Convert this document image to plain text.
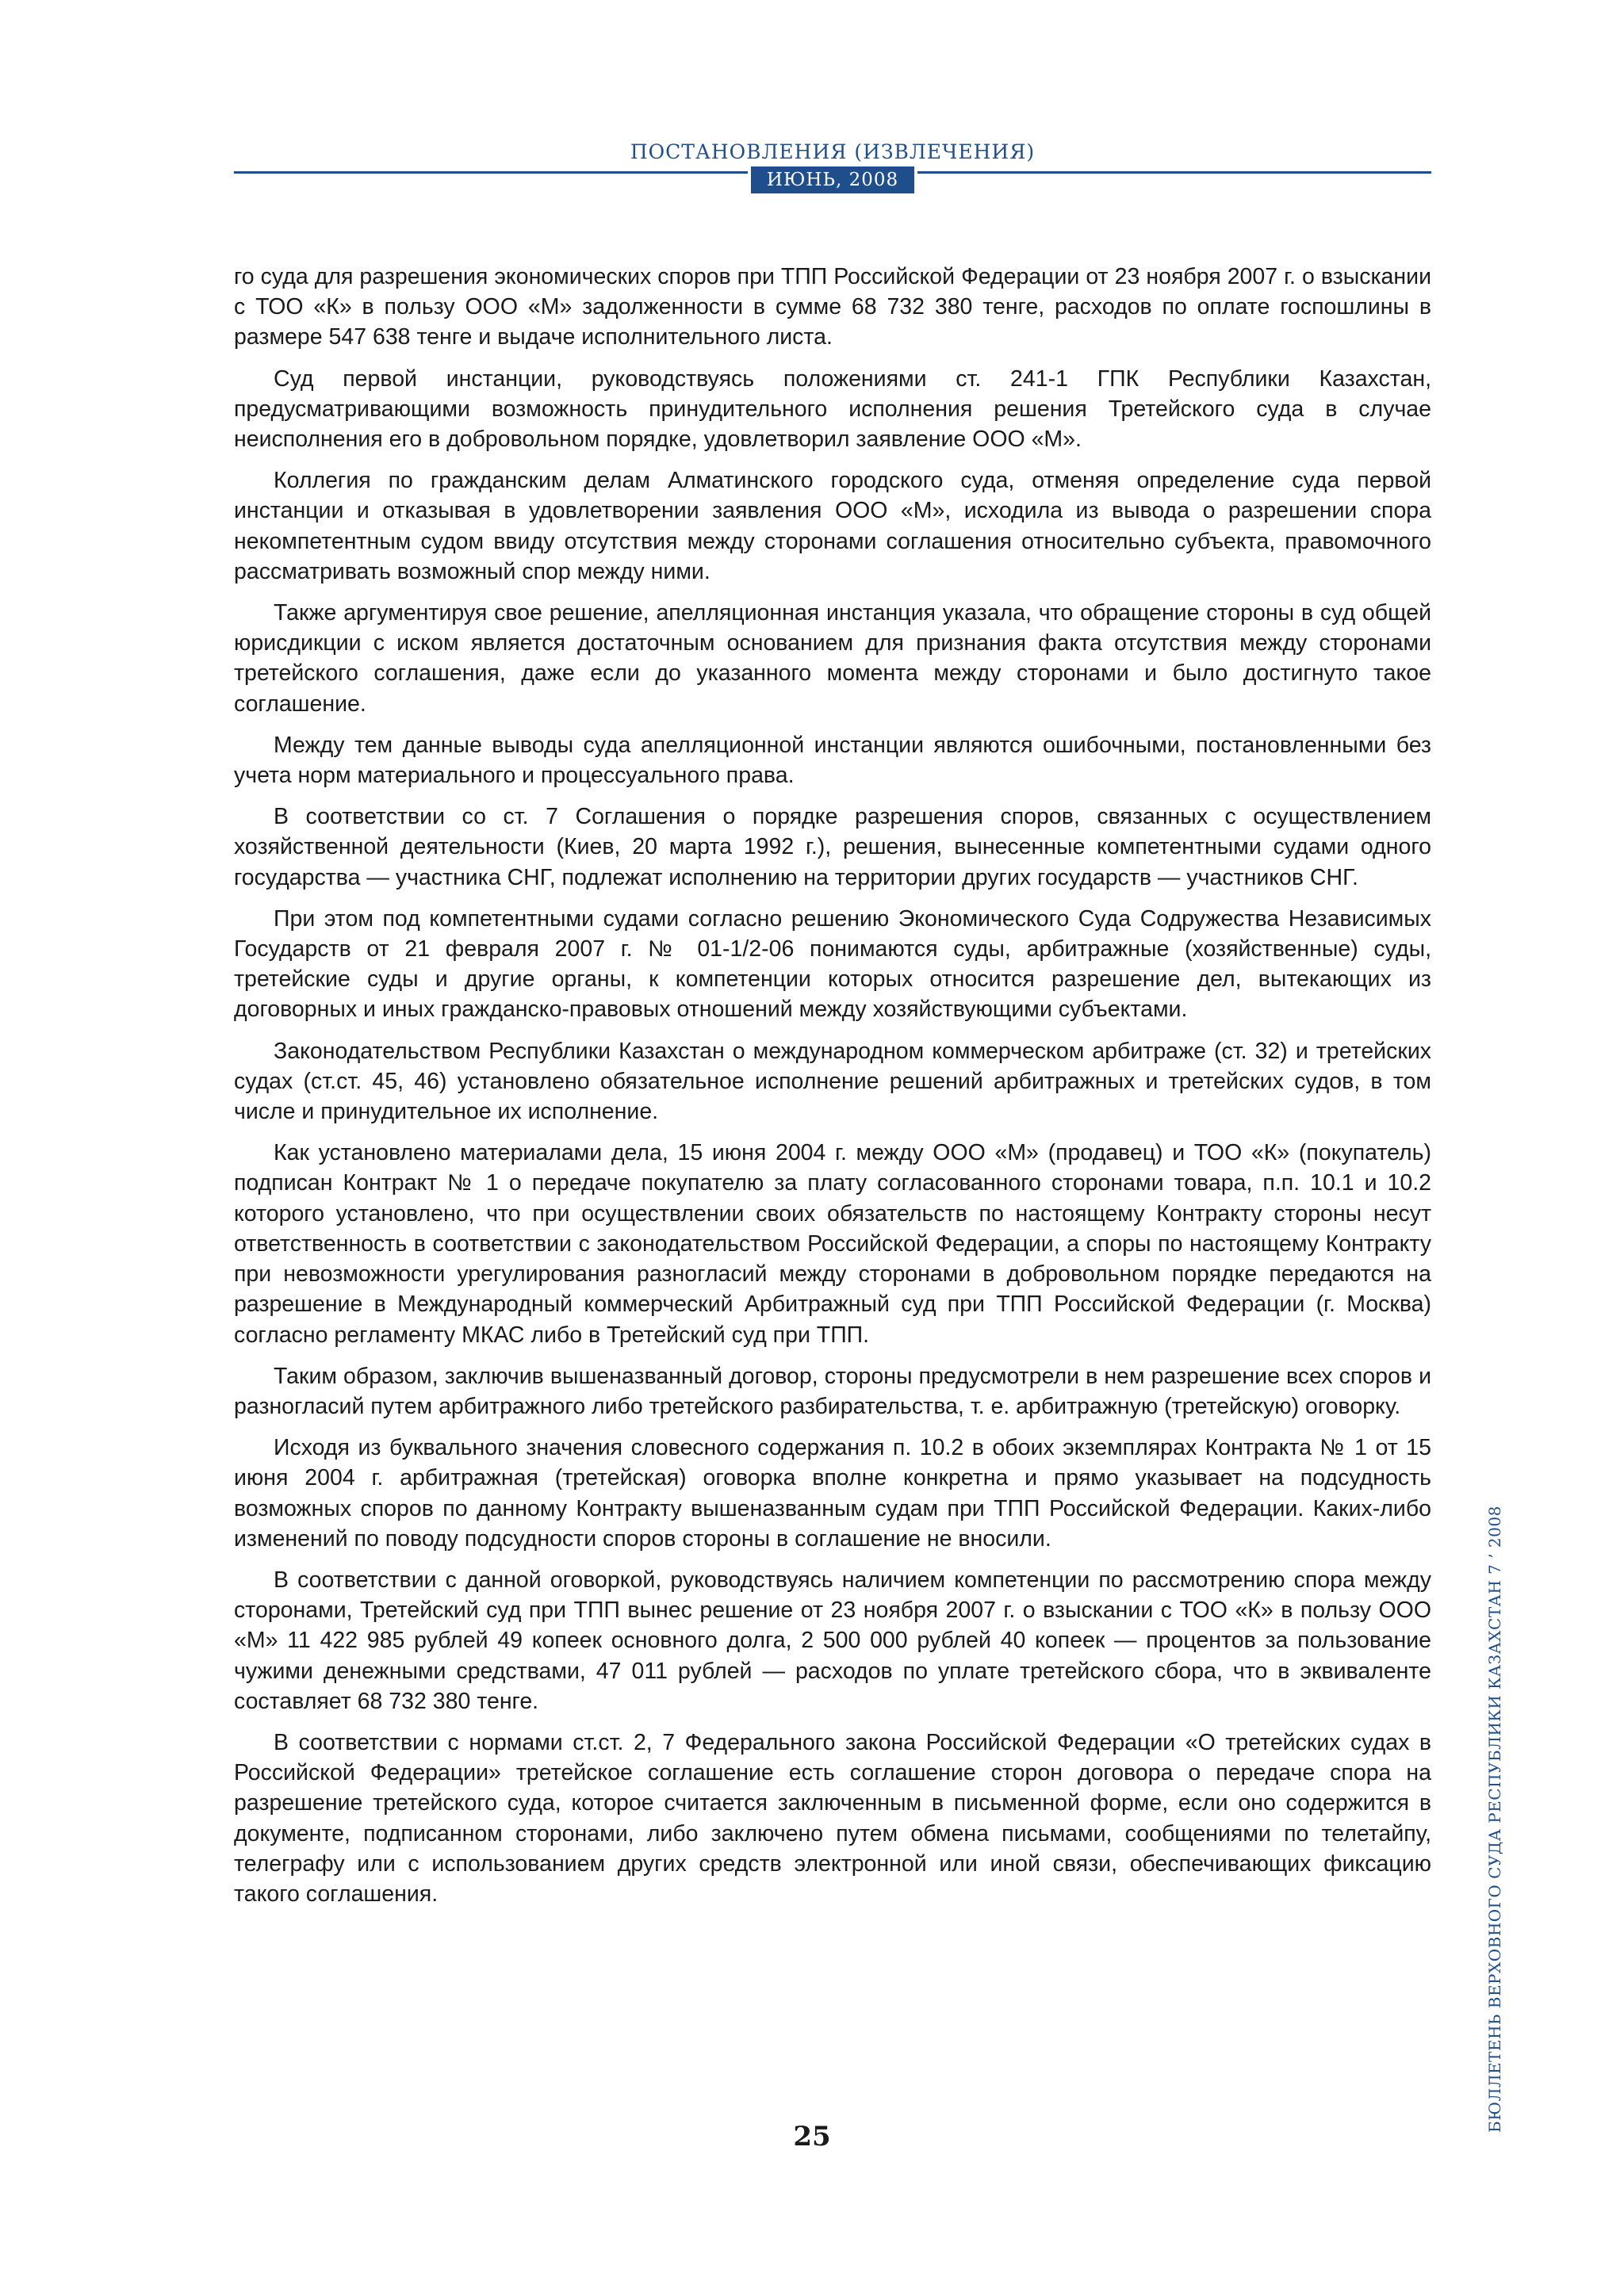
ПОСТАНОВЛЕНИЯ (ИЗВЛЕЧЕНИЯ)
ИЮНЬ, 2008

го суда для разрешения экономических споров при ТПП Российской Федерации от 23 ноября 2007 г. о взыскании с ТОО «К» в пользу ООО «М» задолженности в сумме 68 732 380 тенге, расходов по оплате госпошлины в размере 547 638 тенге и выдаче исполнительного листа.

Суд первой инстанции, руководствуясь положениями ст. 241-1 ГПК Республики Казахстан, предусматривающими возможность принудительного исполнения решения Третейского суда в случае неисполнения его в добровольном порядке, удовлетворил заявление ООО «М».

Коллегия по гражданским делам Алматинского городского суда, отменяя определение суда первой инстанции и отказывая в удовлетворении заявления ООО «М», исходила из вывода о разрешении спора некомпетентным судом ввиду отсутствия между сторонами соглашения относительно субъекта, правомочного рассматривать возможный спор между ними.

Также аргументируя свое решение, апелляционная инстанция указала, что обращение стороны в суд общей юрисдикции с иском является достаточным основанием для признания факта отсутствия между сторонами третейского соглашения, даже если до указанного момента между сторонами и было достигнуто такое соглашение.

Между тем данные выводы суда апелляционной инстанции являются ошибочными, постановленными без учета норм материального и процессуального права.

В соответствии со ст. 7 Соглашения о порядке разрешения споров, связанных с осуществлением хозяйственной деятельности (Киев, 20 марта 1992 г.), решения, вынесенные компетентными судами одного государства — участника СНГ, подлежат исполнению на территории других государств — участников СНГ.

При этом под компетентными судами согласно решению Экономического Суда Содружества Независимых Государств от 21 февраля 2007 г. № 01-1/2-06 понимаются суды, арбитражные (хозяйственные) суды, третейские суды и другие органы, к компетенции которых относится разрешение дел, вытекающих из договорных и иных гражданско-правовых отношений между хозяйствующими субъектами.

Законодательством Республики Казахстан о международном коммерческом арбитраже (ст. 32) и третейских судах (ст.ст. 45, 46) установлено обязательное исполнение решений арбитражных и третейских судов, в том числе и принудительное их исполнение.

Как установлено материалами дела, 15 июня 2004 г. между ООО «М» (продавец) и ТОО «К» (покупатель) подписан Контракт № 1 о передаче покупателю за плату согласованного сторонами товара, п.п. 10.1 и 10.2 которого установлено, что при осуществлении своих обязательств по настоящему Контракту стороны несут ответственность в соответствии с законодательством Российской Федерации, а споры по настоящему Контракту при невозможности урегулирования разногласий между сторонами в добровольном порядке передаются на разрешение в Международный коммерческий Арбитражный суд при ТПП Российской Федерации (г. Москва) согласно регламенту МКАС либо в Третейский суд при ТПП.

Таким образом, заключив вышеназванный договор, стороны предусмотрели в нем разрешение всех споров и разногласий путем арбитражного либо третейского разбирательства, т. е. арбитражную (третейскую) оговорку.

Исходя из буквального значения словесного содержания п. 10.2 в обоих экземплярах Контракта № 1 от 15 июня 2004 г. арбитражная (третейская) оговорка вполне конкретна и прямо указывает на подсудность возможных споров по данному Контракту вышеназванным судам при ТПП Российской Федерации. Каких-либо изменений по поводу подсудности споров стороны в соглашение не вносили.

В соответствии с данной оговоркой, руководствуясь наличием компетенции по рассмотрению спора между сторонами, Третейский суд при ТПП вынес решение от 23 ноября 2007 г. о взыскании с ТОО «К» в пользу ООО «М» 11 422 985 рублей 49 копеек основного долга, 2 500 000 рублей 40 копеек — процентов за пользование чужими денежными средствами, 47 011 рублей — расходов по уплате третейского сбора, что в эквиваленте составляет 68 732 380 тенге.

В соответствии с нормами ст.ст. 2, 7 Федерального закона Российской Федерации «О третейских судах в Российской Федерации» третейское соглашение есть соглашение сторон договора о передаче спора на разрешение третейского суда, которое считается заключенным в письменной форме, если оно содержится в документе, подписанном сторонами, либо заключено путем обмена письмами, сообщениями по телетайпу, телеграфу или с использованием других средств электронной или иной связи, обеспечивающих фиксацию такого соглашения.

25
БЮЛЛЕТЕНЬ ВЕРХОВНОГО СУДА РЕСПУБЛИКИ КАЗАХСТАН 7 ’ 2008
